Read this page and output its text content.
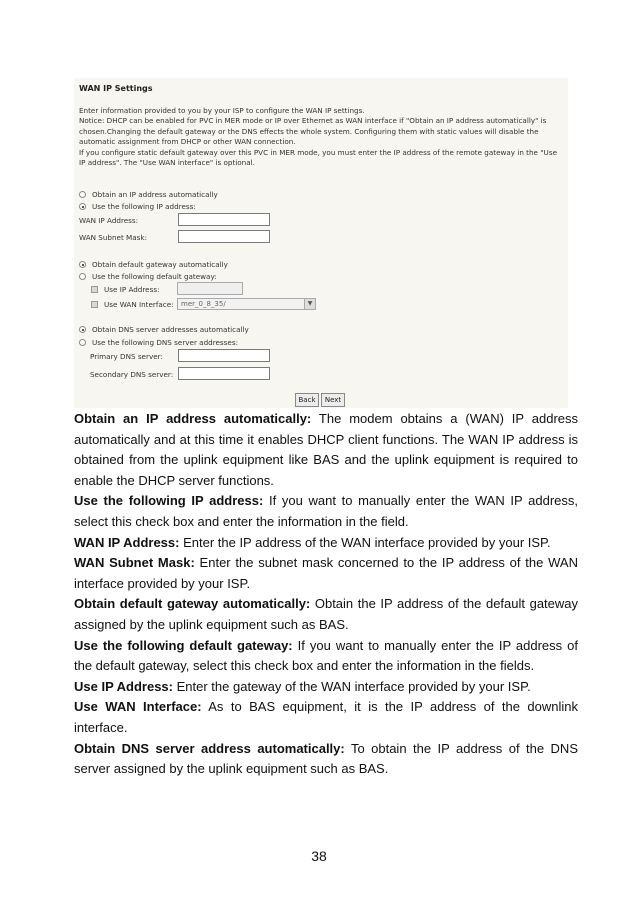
WAN IP Settings
Enter information provided to you by your ISP to configure the WAN IP settings.
Notice: DHCP can be enabled for PVC in MER mode or IP over Ethernet as WAN interface if "Obtain an IP address automatically" is chosen.Changing the default gateway or the DNS effects the whole system. Configuring them with static values will disable the automatic assignment from DHCP or other WAN connection.
If you configure static default gateway over this PVC in MER mode, you must enter the IP address of the remote gateway in the "Use IP address". The "Use WAN interface" is optional.
Obtain an IP address automatically
Use the following IP address:
WAN IP Address:
WAN Subnet Mask:
Obtain default gateway automatically
Use the following default gateway:
Use IP Address:
Use WAN Interface:	mer_0_8_35/	▼
Obtain DNS server addresses automatically
Use the following DNS server addresses:
Primary DNS server:
Secondary DNS server:
Back	Next

Obtain an IP address automatically: The modem obtains a (WAN) IP address automatically and at this time it enables DHCP client functions. The WAN IP address is obtained from the uplink equipment like BAS and the uplink equipment is required to enable the DHCP server functions.

Use the following IP address: If you want to manually enter the WAN IP address, select this check box and enter the information in the field.

WAN IP Address: Enter the IP address of the WAN interface provided by your ISP.

WAN Subnet Mask: Enter the subnet mask concerned to the IP address of the WAN interface provided by your ISP.

Obtain default gateway automatically: Obtain the IP address of the default gateway assigned by the uplink equipment such as BAS.

Use the following default gateway: If you want to manually enter the IP address of the default gateway, select this check box and enter the information in the fields.

Use IP Address: Enter the gateway of the WAN interface provided by your ISP.

Use WAN Interface: As to BAS equipment, it is the IP address of the downlink interface.

Obtain DNS server address automatically: To obtain the IP address of the DNS server assigned by the uplink equipment such as BAS.

38
